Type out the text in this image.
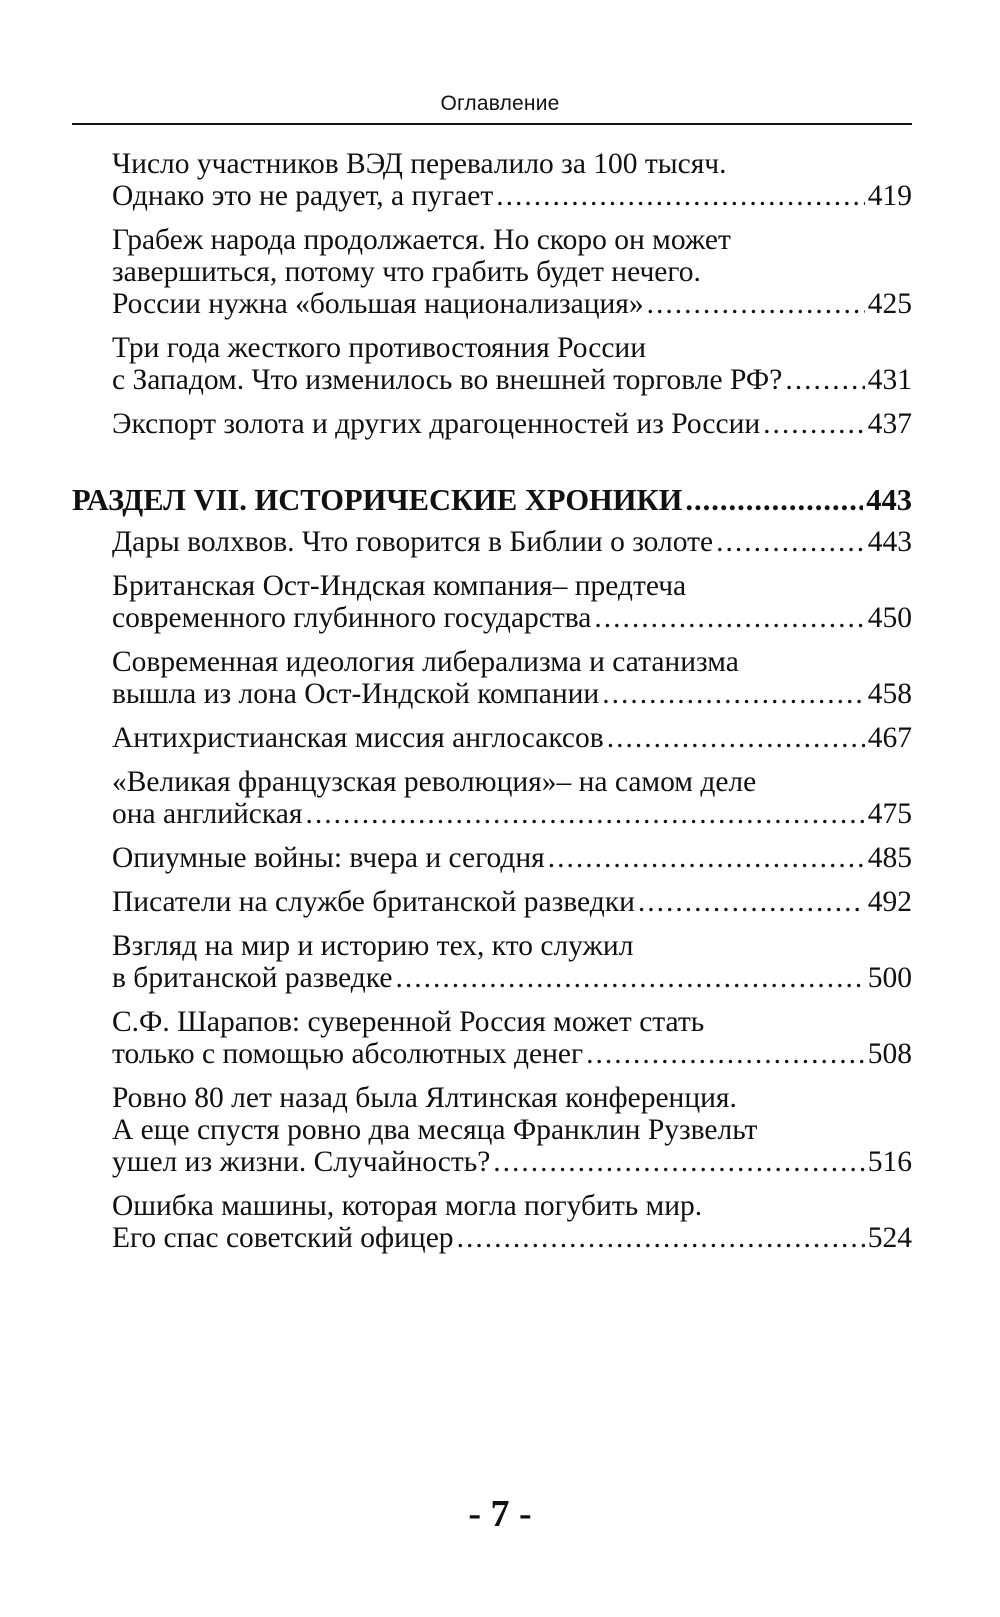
Оглавление
Число участников ВЭД перевалило за 100 тысяч.
Однако это не радует, а пугает .....	419
Грабеж народа продолжается. Но скоро он может
завершиться, потому что грабить будет нечего.
России нужна «большая национализация» .....	425
Три года жесткого противостояния России
с Западом. Что изменилось во внешней торговле РФ? .....	431
Экспорт золота и других драгоценностей из России .....	437
РАЗДЕЛ VII. ИСТОРИЧЕСКИЕ ХРОНИКИ .....	443
Дары волхвов. Что говорится в Библии о золоте .....	443
Британская Ост-Индская компания– предтеча
современного глубинного государства .....	450
Современная идеология либерализма и сатанизма
вышла из лона Ост-Индской компании .....	458
Антихристианская миссия англосаксов .....	467
«Великая французская революция»– на самом деле
она английская .....	475
Опиумные войны: вчера и сегодня .....	485
Писатели на службе британской разведки .....	492
Взгляд на мир и историю тех, кто служил
в британской разведке .....	500
С.Ф. Шарапов: суверенной Россия может стать
только с помощью абсолютных денег .....	508
Ровно 80 лет назад была Ялтинская конференция.
А еще спустя ровно два месяца Франклин Рузвельт
ушел из жизни. Случайность? .....	516
Ошибка машины, которая могла погубить мир.
Его спас советский офицер .....	524
- 7 -
